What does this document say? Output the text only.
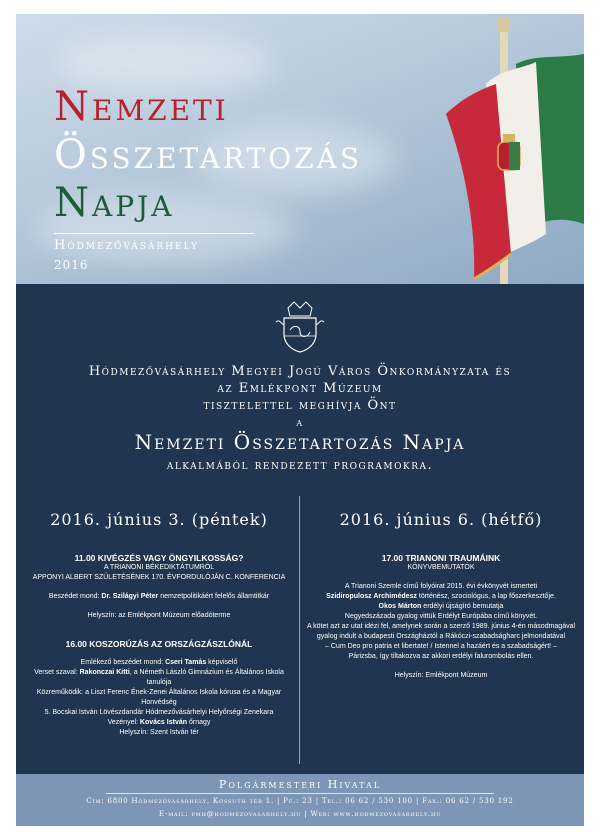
Nemzeti
Összetartozás
Napja
Hódmezővásárhely
2016
Hódmezővásárhely Megyei Jogú Város Önkormányzata és
az Emlékpont Múzeum
tisztelettel meghívja Önt
a
Nemzeti Összetartozás Napja
alkalmából rendezett programokra.
2016. június 3. (péntek)
11.00 KIVÉGZÉS VAGY ÖNGYILKOSSÁG?
A TRIANONI BÉKEDIKTÁTUMRÓL
APPONYI ALBERT SZÜLETÉSÉNEK 170. ÉVFORDULÓJÁN C. KONFERENCIA
Beszédet mond: Dr. Szilágyi Péter nemzetpolitikáért felelős államtitkár
Helyszín: az Emlékpont Múzeum előadóterme
16.00 KOSZORÚZÁS AZ ORSZÁGZÁSZLÓNÁL
Emlékező beszédet mond: Cseri Tamás képviselő
Verset szaval: Rakonczai Kitti, a Németh László Gimnázium és Általános Iskola tanulója
Közreműködik: a Liszt Ferenc Ének-Zenei Általános Iskola kórusa és a Magyar Honvédség
5. Bocskai István Lövészdandár Hódmezővásárhelyi Helyőrségi Zenekara
Vezényel: Kovács István őrnagy
Helyszín: Szent István tér
2016. június 6. (hétfő)
17.00 TRIANONI TRAUMÁINK
KÖNYVBEMUTATÓK
A Trianoni Szemle című folyóirat 2015. évi évkönyvét ismerteti
Szidiropulosz Archimédesz történész, szociológus, a lap főszerkesztője.
Okos Márton erdélyi újságíró bemutatja
Negyedszázada gyalog vittük Erdélyt Európába című könyvét.
A kötet azt az utat idézi fel, amelynek során a szerző 1989. június 4-én másodmagával
gyalog indult a budapesti Országháztól a Rákóczi-szabadságharc jelmondatával
– Cum Deo pro patria et libertate! / Istennel a hazáért és a szabadságért! –
Párizsba, így tiltakozva az akkori erdélyi falurombolás ellen.
Helyszín: Emlékpont Múzeum
Polgármesteri Hivatal
Cím: 6800 Hódmezővásárhely, Kossuth tér 1. | Pf.: 23 | Tel.: 06 62 / 530 100 | Fax.: 06 62 / 530 192
E-mail: pmh@hodmezovasarhely.hu | Web: www.hodmezovasarhely.hu
